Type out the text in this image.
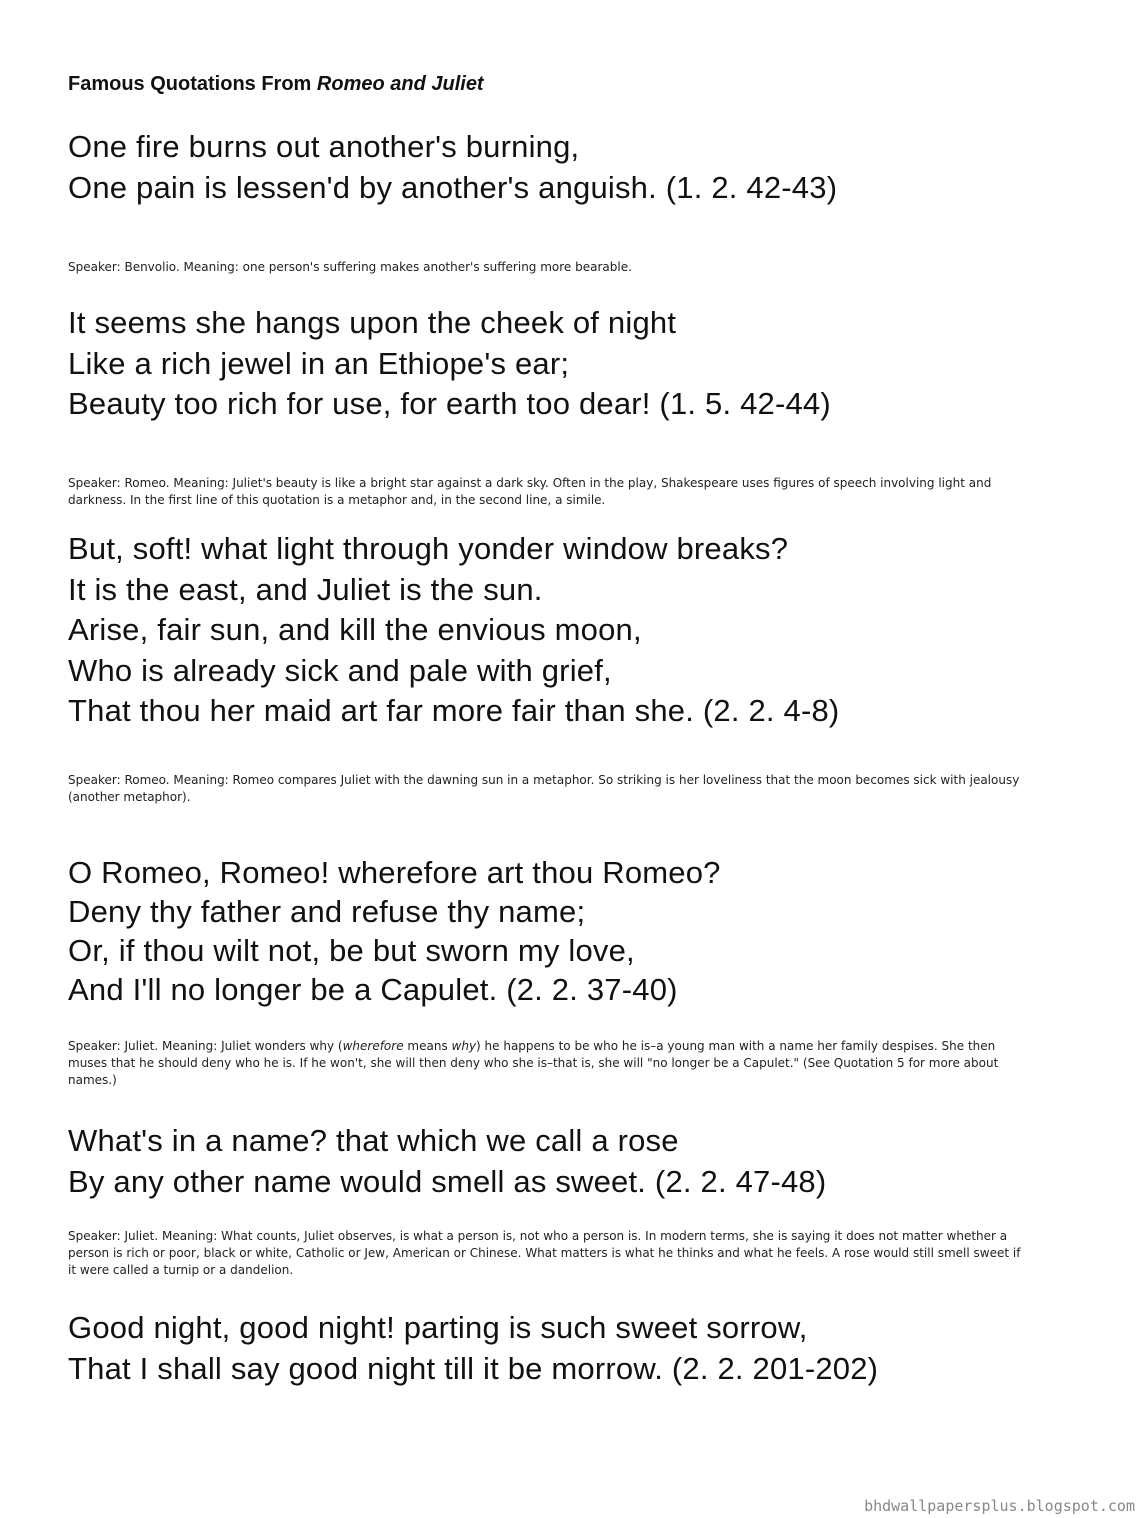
Famous Quotations From Romeo and Juliet
One fire burns out another's burning,
One pain is lessen'd by another's anguish. (1. 2. 42-43)
Speaker: Benvolio. Meaning: one person's suffering makes another's suffering more bearable.
It seems she hangs upon the cheek of night
Like a rich jewel in an Ethiope's ear;
Beauty too rich for use, for earth too dear! (1. 5. 42-44)
Speaker: Romeo. Meaning: Juliet's beauty is like a bright star against a dark sky. Often in the play, Shakespeare uses figures of speech involving light and darkness. In the first line of this quotation is a metaphor and, in the second line, a simile.
But, soft! what light through yonder window breaks?
It is the east, and Juliet is the sun.
Arise, fair sun, and kill the envious moon,
Who is already sick and pale with grief,
That thou her maid art far more fair than she. (2. 2. 4-8)
Speaker: Romeo. Meaning: Romeo compares Juliet with the dawning sun in a metaphor. So striking is her loveliness that the moon becomes sick with jealousy (another metaphor).
O Romeo, Romeo! wherefore art thou Romeo?
Deny thy father and refuse thy name;
Or, if thou wilt not, be but sworn my love,
And I'll no longer be a Capulet. (2. 2. 37-40)
Speaker: Juliet. Meaning: Juliet wonders why (wherefore means why) he happens to be who he is–a young man with a name her family despises. She then muses that he should deny who he is. If he won't, she will then deny who she is–that is, she will "no longer be a Capulet." (See Quotation 5 for more about names.)
What's in a name? that which we call a rose
By any other name would smell as sweet. (2. 2. 47-48)
Speaker: Juliet. Meaning: What counts, Juliet observes, is what a person is, not who a person is. In modern terms, she is saying it does not matter whether a person is rich or poor, black or white, Catholic or Jew, American or Chinese. What matters is what he thinks and what he feels. A rose would still smell sweet if it were called a turnip or a dandelion.
Good night, good night! parting is such sweet sorrow,
That I shall say good night till it be morrow. (2. 2. 201-202)
bhdwallpapersplus.blogspot.com
